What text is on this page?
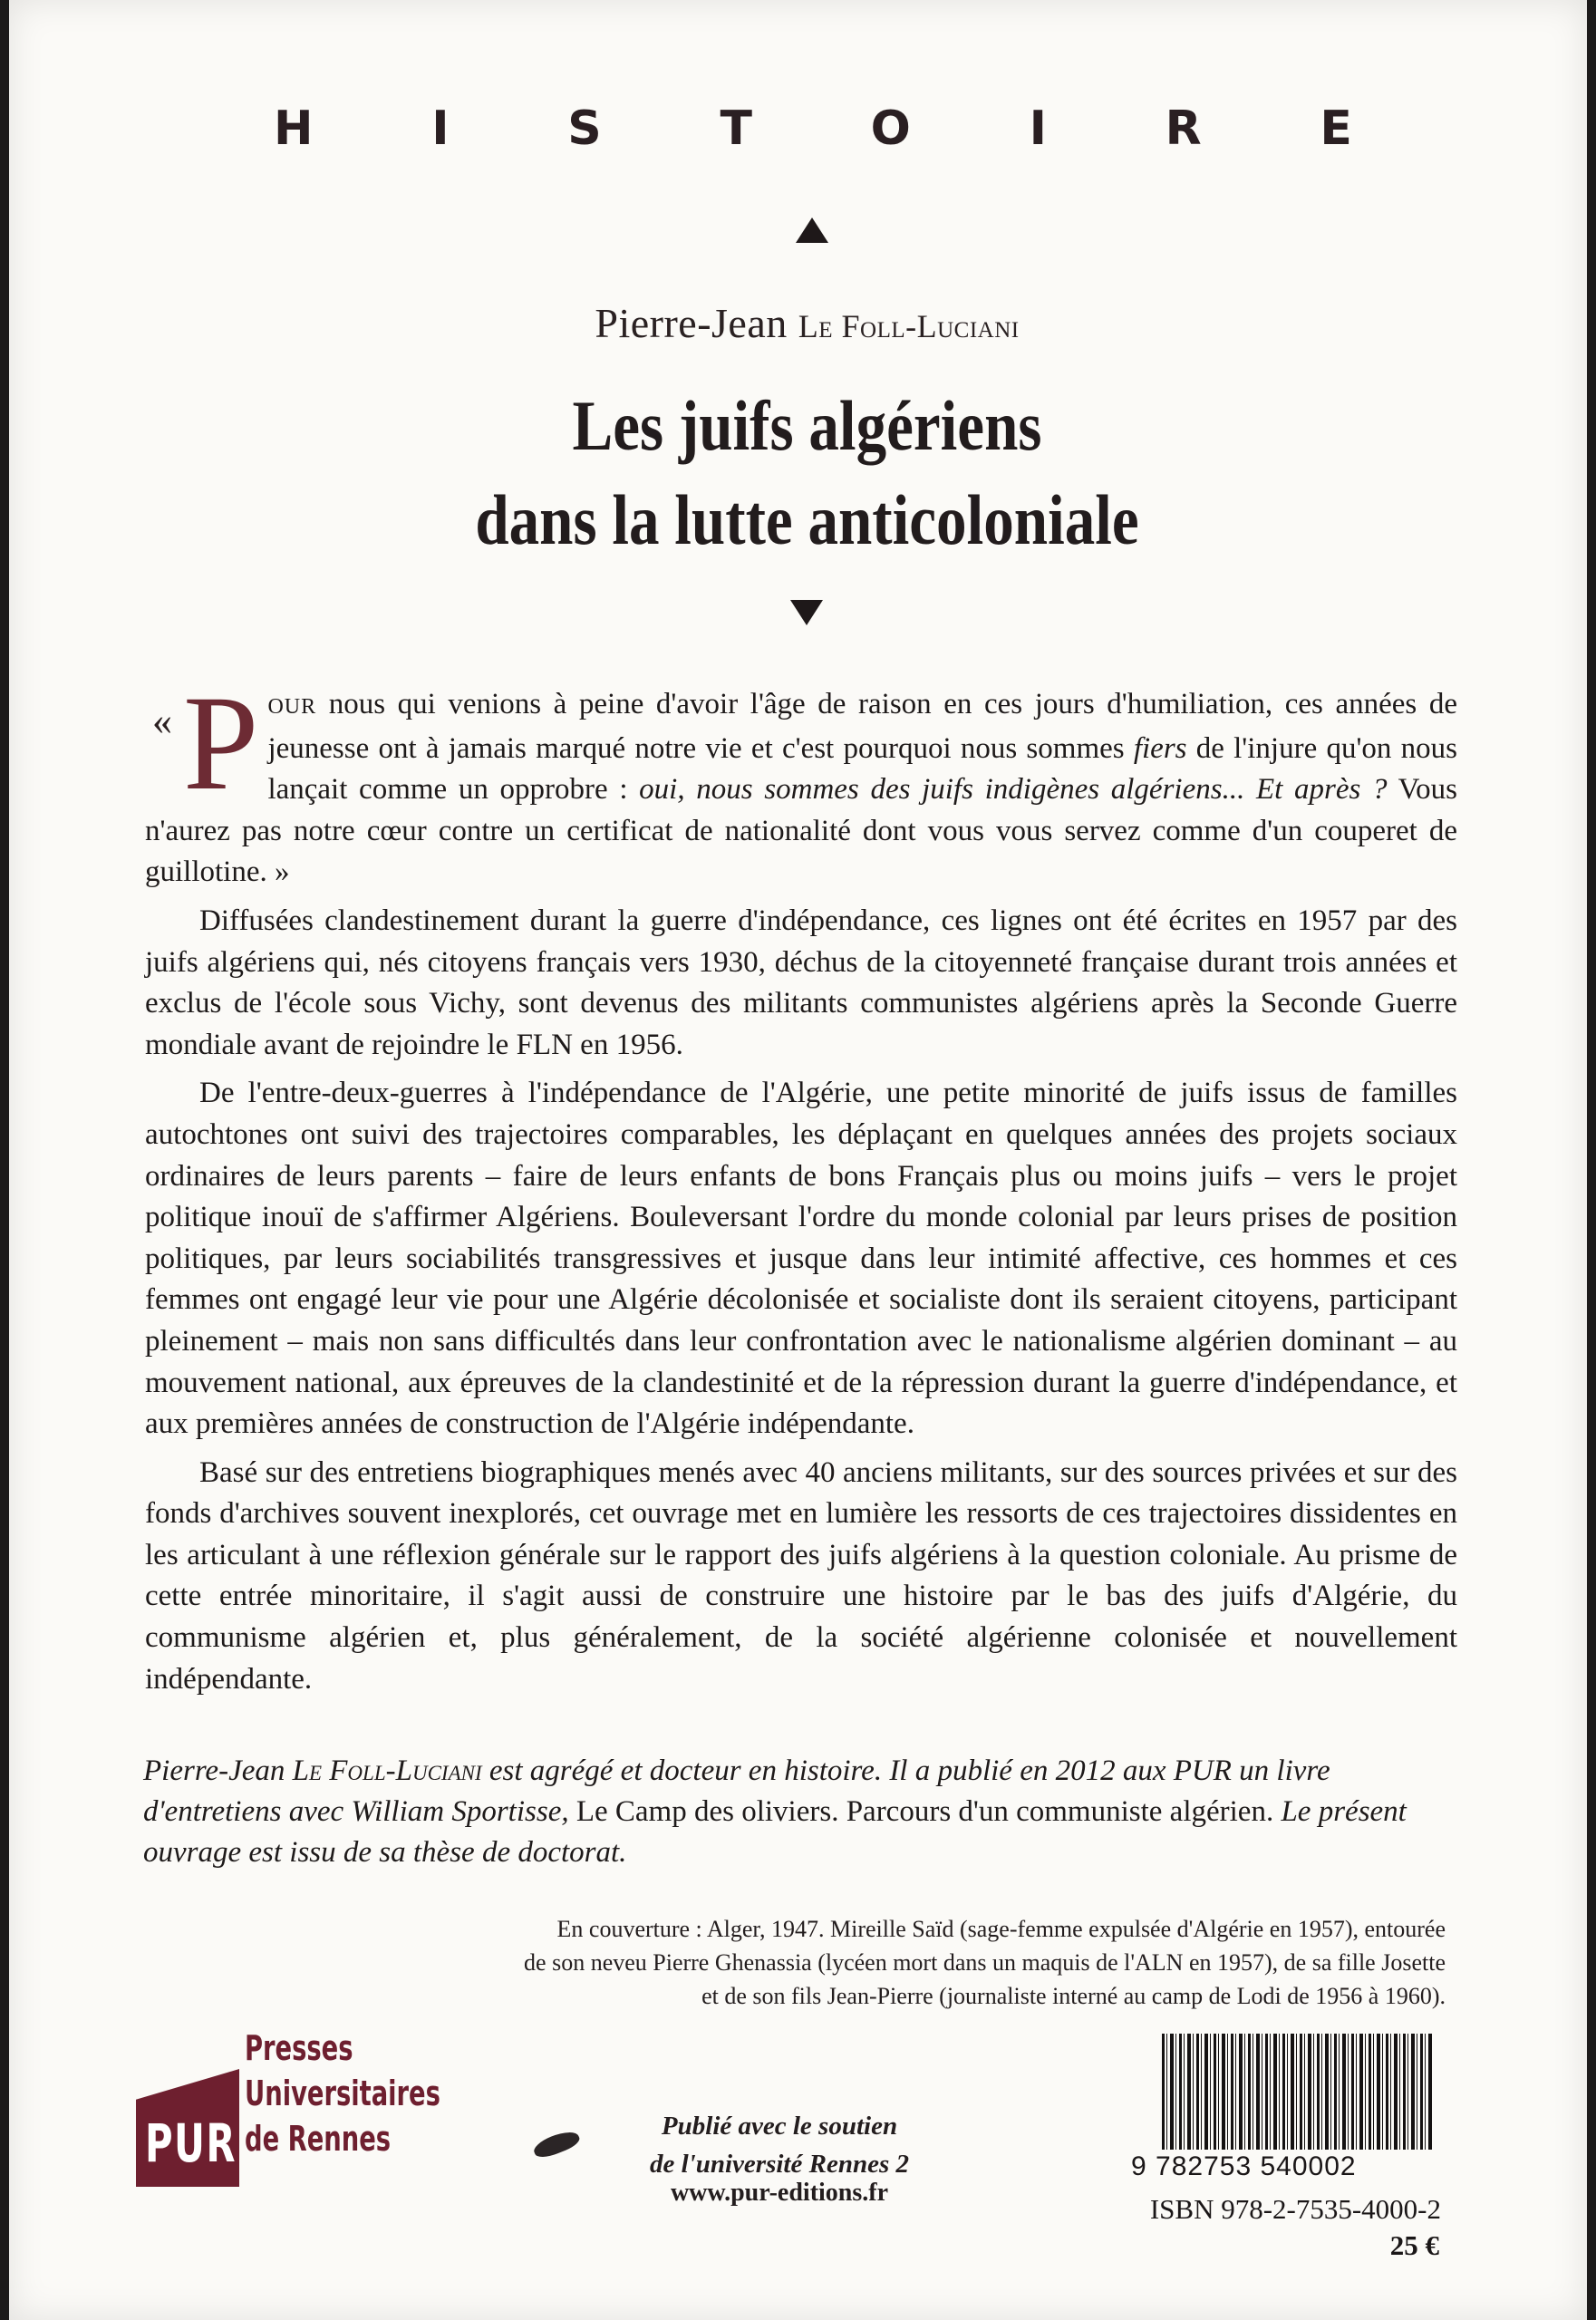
H	I	S	T	O	I	R	E
Pierre-Jean Le Foll-Luciani
Les juifs algériens
dans la lutte anticoloniale

« P OUR nous qui venions à peine d'avoir l'âge de raison en ces jours d'humiliation, ces années de jeunesse ont à jamais marqué notre vie et c'est pourquoi nous sommes fiers de l'injure qu'on nous lançait comme un opprobre : oui, nous sommes des juifs indigènes algériens... Et après ? Vous n'aurez pas notre cœur contre un certificat de nationalité dont vous vous servez comme d'un couperet de guillotine. »

Diffusées clandestinement durant la guerre d'indépendance, ces lignes ont été écrites en 1957 par des juifs algériens qui, nés citoyens français vers 1930, déchus de la citoyenneté française durant trois années et exclus de l'école sous Vichy, sont devenus des militants communistes algériens après la Seconde Guerre mondiale avant de rejoindre le FLN en 1956.

De l'entre-deux-guerres à l'indépendance de l'Algérie, une petite minorité de juifs issus de familles autochtones ont suivi des trajectoires comparables, les déplaçant en quelques années des projets sociaux ordinaires de leurs parents – faire de leurs enfants de bons Français plus ou moins juifs – vers le projet politique inouï de s'affirmer Algériens. Bouleversant l'ordre du monde colonial par leurs prises de position politiques, par leurs sociabilités transgressives et jusque dans leur intimité affective, ces hommes et ces femmes ont engagé leur vie pour une Algérie décolonisée et socialiste dont ils seraient citoyens, participant pleinement – mais non sans difficultés dans leur confrontation avec le nationalisme algérien dominant – au mouvement national, aux épreuves de la clandestinité et de la répression durant la guerre d'indépendance, et aux premières années de construction de l'Algérie indépendante.

Basé sur des entretiens biographiques menés avec 40 anciens militants, sur des sources privées et sur des fonds d'archives souvent inexplorés, cet ouvrage met en lumière les ressorts de ces trajectoires dissidentes en les articulant à une réflexion générale sur le rapport des juifs algériens à la question coloniale. Au prisme de cette entrée minoritaire, il s'agit aussi de construire une histoire par le bas des juifs d'Algérie, du communisme algérien et, plus généralement, de la société algérienne colonisée et nouvellement indépendante.

Pierre-Jean Le Foll-Luciani est agrégé et docteur en histoire. Il a publié en 2012 aux PUR un livre d'entretiens avec William Sportisse, Le Camp des oliviers. Parcours d'un communiste algérien. Le présent ouvrage est issu de sa thèse de doctorat.
En couverture : Alger, 1947. Mireille Saïd (sage-femme expulsée d'Algérie en 1957), entourée
de son neveu Pierre Ghenassia (lycéen mort dans un maquis de l'ALN en 1957), de sa fille Josette
et de son fils Jean-Pierre (journaliste interné au camp de Lodi de 1956 à 1960).
PUR
Presses
Universitaires
de Rennes	Publié avec le soutien
de l'université Rennes 2
www.pur-editions.fr
9 782753 540002
ISBN 978-2-7535-4000-2
25 €
